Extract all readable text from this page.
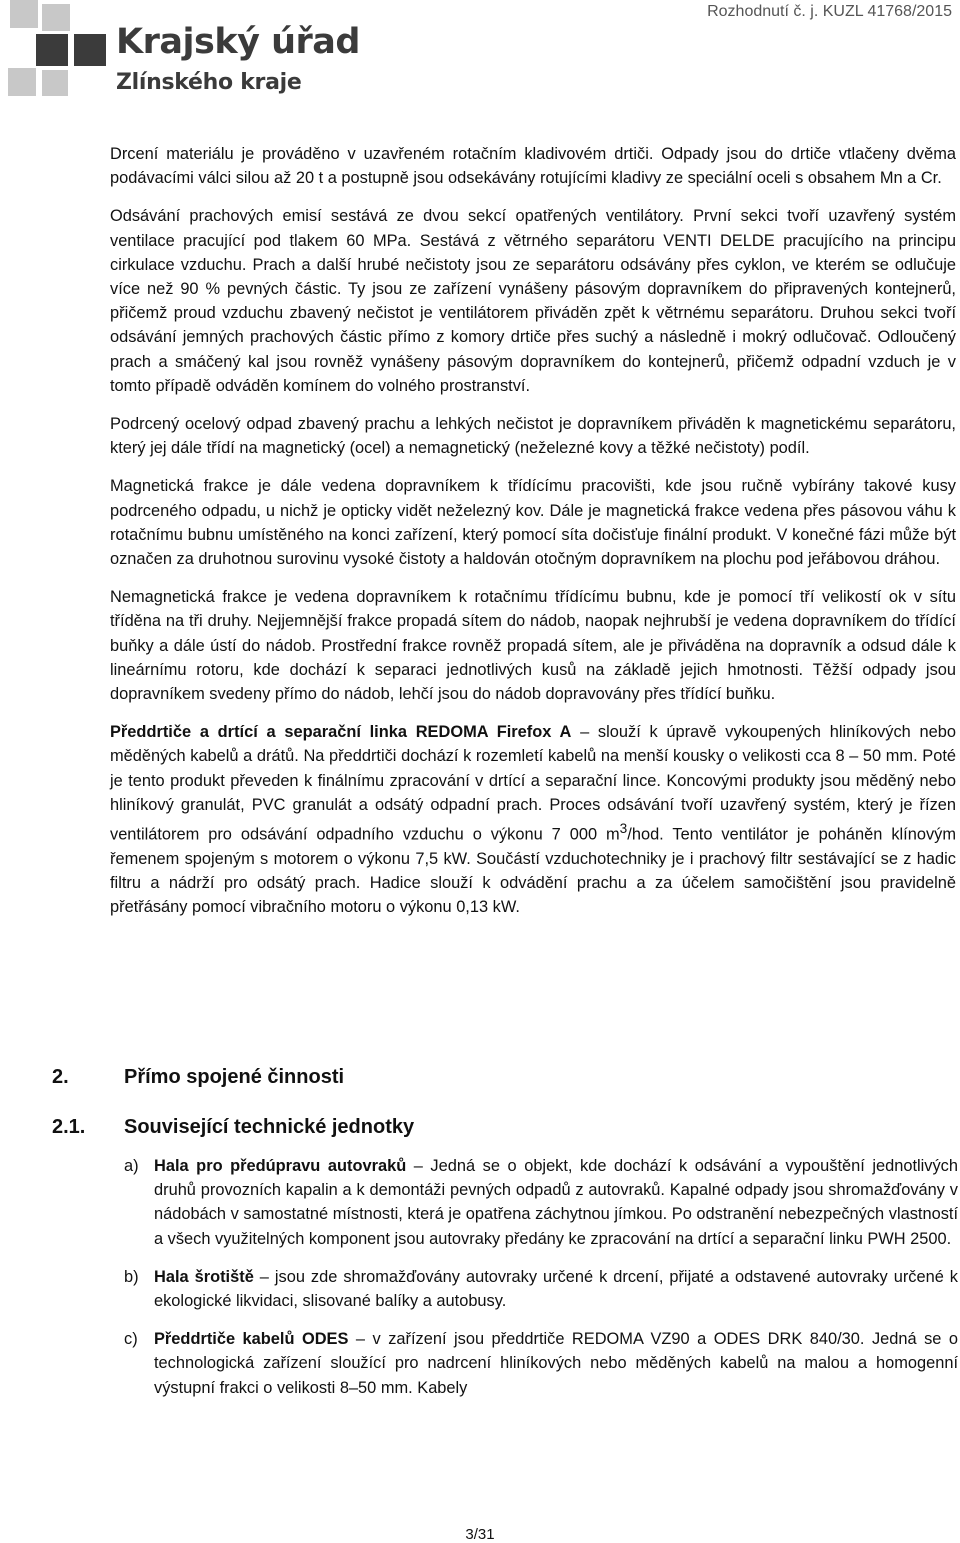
Krajský úřad
Zlínského kraje
Rozhodnutí č. j. KUZL 41768/2015

Drcení materiálu je prováděno v uzavřeném rotačním kladivovém drtiči. Odpady jsou do drtiče vtlačeny dvěma podávacími válci silou až 20 t a postupně jsou odsekávány rotujícími kladivy ze speciální oceli s obsahem Mn a Cr.

Odsávání prachových emisí sestává ze dvou sekcí opatřených ventilátory. První sekci tvoří uzavřený systém ventilace pracující pod tlakem 60 MPa. Sestává z větrného separátoru VENTI DELDE pracujícího na principu cirkulace vzduchu. Prach a další hrubé nečistoty jsou ze separátoru odsávány přes cyklon, ve kterém se odlučuje více než 90 % pevných částic. Ty jsou ze zařízení vynášeny pásovým dopravníkem do připravených kontejnerů, přičemž proud vzduchu zbavený nečistot je ventilátorem přiváděn zpět k větrnému separátoru. Druhou sekci tvoří odsávání jemných prachových částic přímo z komory drtiče přes suchý a následně i mokrý odlučovač. Odloučený prach a smáčený kal jsou rovněž vynášeny pásovým dopravníkem do kontejnerů, přičemž odpadní vzduch je v tomto případě odváděn komínem do volného prostranství.

Podrcený ocelový odpad zbavený prachu a lehkých nečistot je dopravníkem přiváděn k magnetickému separátoru, který jej dále třídí na magnetický (ocel) a nemagnetický (neželezné kovy a těžké nečistoty) podíl.

Magnetická frakce je dále vedena dopravníkem k třídícímu pracovišti, kde jsou ručně vybírány takové kusy podrceného odpadu, u nichž je opticky vidět neželezný kov. Dále je magnetická frakce vedena přes pásovou váhu k rotačnímu bubnu umístěného na konci zařízení, který pomocí síta dočisťuje finální produkt. V konečné fázi může být označen za druhotnou surovinu vysoké čistoty a haldován otočným dopravníkem na plochu pod jeřábovou dráhou.

Nemagnetická frakce je vedena dopravníkem k rotačnímu třídícímu bubnu, kde je pomocí tří velikostí ok v sítu tříděna na tři druhy. Nejjemnější frakce propadá sítem do nádob, naopak nejhrubší je vedena dopravníkem do třídící buňky a dále ústí do nádob. Prostřední frakce rovněž propadá sítem, ale je přiváděna na dopravník a odsud dále k lineárnímu rotoru, kde dochází k separaci jednotlivých kusů na základě jejich hmotnosti. Těžší odpady jsou dopravníkem svedeny přímo do nádob, lehčí jsou do nádob dopravovány přes třídící buňku.

Předdrtiče a drtící a separační linka REDOMA Firefox A – slouží k úpravě vykoupených hliníkových nebo měděných kabelů a drátů. Na předdrtiči dochází k rozemletí kabelů na menší kousky o velikosti cca 8 – 50 mm. Poté je tento produkt převeden k finálnímu zpracování v drtící a separační lince. Koncovými produkty jsou měděný nebo hliníkový granulát, PVC granulát a odsátý odpadní prach. Proces odsávání tvoří uzavřený systém, který je řízen ventilátorem pro odsávání odpadního vzduchu o výkonu 7 000 $m^3$/hod. Tento ventilátor je poháněn klínovým řemenem spojeným s motorem o výkonu 7,5 kW. Součástí vzduchotechniky je i prachový filtr sestávající se z hadic filtru a nádrží pro odsátý prach. Hadice slouží k odvádění prachu a za účelem samočištění jsou pravidelně přetřásány pomocí vibračního motoru o výkonu 0,13 kW.

2.	Přímo spojené činnosti
2.1. Související technické jednotky
a) Hala pro předúpravu autovraků – Jedná se o objekt, kde dochází k odsávání a vypouštění jednotlivých druhů provozních kapalin a k demontáži pevných odpadů z autovraků. Kapalné odpady jsou shromažďovány v nádobách v samostatné místnosti, která je opatřena záchytnou jímkou. Po odstranění nebezpečných vlastností a všech využitelných komponent jsou autovraky předány ke zpracování na drtící a separační linku PWH 2500.

b) Hala šrotiště – jsou zde shromažďovány autovraky určené k drcení, přijaté a odstavené autovraky určené k ekologické likvidaci, slisované balíky a autobusy.

c) Předdrtiče kabelů ODES – v zařízení jsou předdrtiče REDOMA VZ90 a ODES DRK 840/30. Jedná se o technologická zařízení sloužící pro nadrcení hliníkových nebo měděných kabelů na malou a homogenní výstupní frakci o velikosti 8–50 mm. Kabely

3/31
